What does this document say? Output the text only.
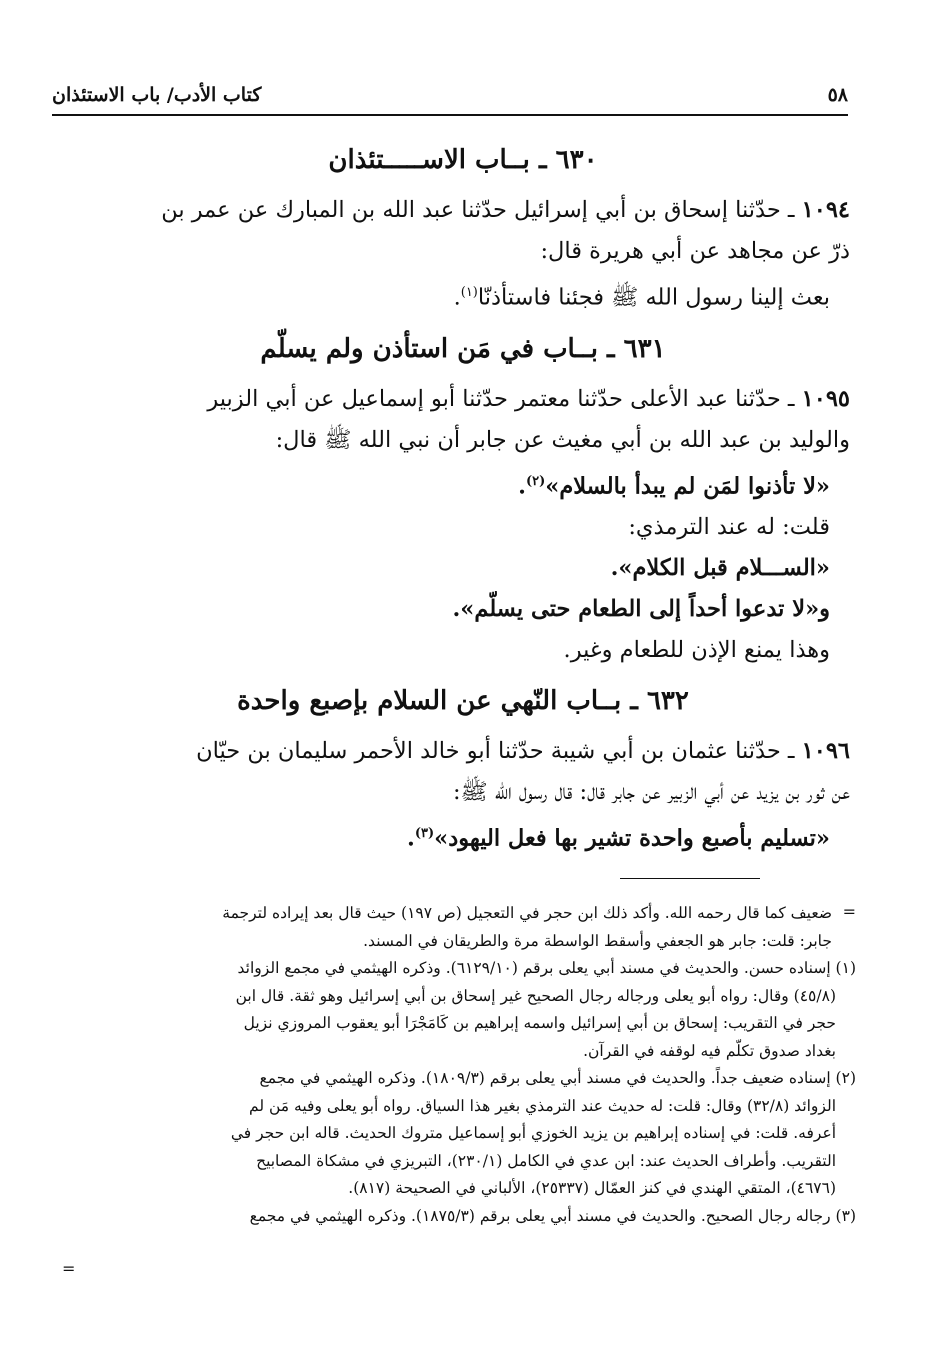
كتاب الأدب/ باب الاستئذان	٥٨
٦٣٠ ـ بــاب الاســـــتئذان
١٠٩٤ ـ حدّثنا إسحاق بن أبي إسرائيل حدّثنا عبد الله بن المبارك عن عمر بن
ذرّ عن مجاهد عن أبي هريرة قال:
بعث إلينا رسول الله ﷺ فجئنا فاستأذنّا$^{(١)}$.
٦٣١ ـ بــاب في مَن استأذن ولم يسلّم
١٠٩٥ ـ حدّثنا عبد الأعلى حدّثنا معتمر حدّثنا أبو إسماعيل عن أبي الزبير
والوليد بن عبد الله بن أبي مغيث عن جابر أن نبي الله ﷺ قال:
«لا تأذنوا لمَن لم يبدأ بالسلام»$^{(٢)}$.
قلت: له عند الترمذي:
«الســـلام قبل الكلام».
و«لا تدعوا أحداً إلى الطعام حتى يسلّم».
وهذا يمنع الإذن للطعام وغير.
٦٣٢ ـ بــاب النّهي عن السلام بإصبع واحدة
١٠٩٦ ـ حدّثنا عثمان بن أبي شيبة حدّثنا أبو خالد الأحمر سليمان بن حيّان
عن ثور بن يزيد عن أبي الزبير عن جابر قال: قال رسول الله ﷺ:
«تسليم بأصبع واحدة تشير بها فعل اليهود»$^{(٣)}$.
=
=
ضعيف كما قال رحمه الله. وأكد ذلك ابن حجر في التعجيل (ص ١٩٧) حيث قال بعد إيراده لترجمة
جابر: قلت: جابر هو الجعفي وأسقط الواسطة مرة والطريقان في المسند.
(١) إسناده حسن. والحديث في مسند أبي يعلى برقم (٦١٢٩/١٠). وذكره الهيثمي في مجمع الزوائد
(٤٥/٨) وقال: رواه أبو يعلى ورجاله رجال الصحيح غير إسحاق بن أبي إسرائيل وهو ثقة. قال ابن
حجر في التقريب: إسحاق بن أبي إسرائيل واسمه إبراهيم بن كَامَجْرَا أبو يعقوب المروزي نزيل
بغداد صدوق تكلّم فيه لوقفه في القرآن.
(٢) إسناده ضعيف جداً. والحديث في مسند أبي يعلى برقم (١٨٠٩/٣). وذكره الهيثمي في مجمع
الزوائد (٣٢/٨) وقال: قلت: له حديث عند الترمذي بغير هذا السياق. رواه أبو يعلى وفيه مَن لم
أعرفه. قلت: في إسناده إبراهيم بن يزيد الخوزي أبو إسماعيل متروك الحديث. قاله ابن حجر في
التقريب. وأطراف الحديث عند: ابن عدي في الكامل (٢٣٠/١)، التبريزي في مشكاة المصابيح
(٤٦٧٦)، المتقي الهندي في كنز العمّال (٢٥٣٣٧)، الألباني في الصحيحة (٨١٧).
(٣) رجاله رجال الصحيح. والحديث في مسند أبي يعلى برقم (١٨٧٥/٣). وذكره الهيثمي في مجمع
